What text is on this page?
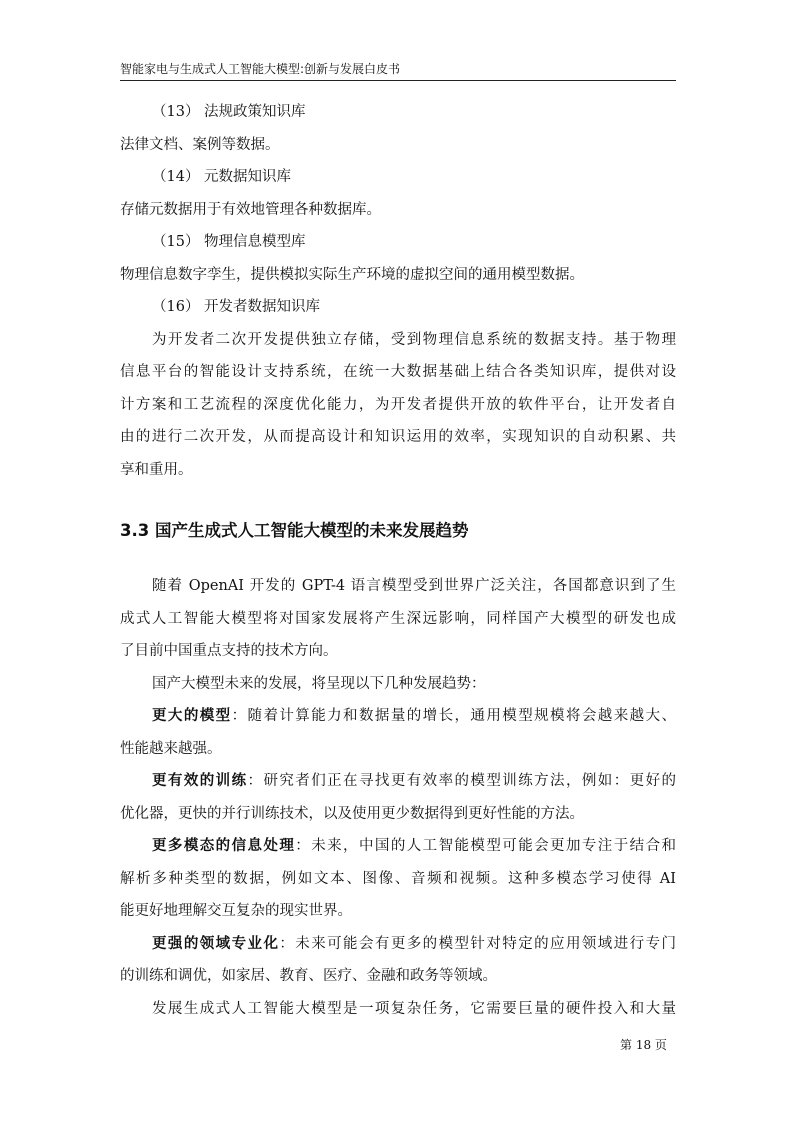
智能家电与生成式人工智能大模型:创新与发展白皮书
（13） 法规政策知识库
法律文档、案例等数据。
（14） 元数据知识库
存储元数据用于有效地管理各种数据库。
（15） 物理信息模型库
物理信息数字孪生，提供模拟实际生产环境的虚拟空间的通用模型数据。
（16） 开发者数据知识库
为开发者二次开发提供独立存储，受到物理信息系统的数据支持。基于物理
信息平台的智能设计支持系统，在统一大数据基础上结合各类知识库，提供对设
计方案和工艺流程的深度优化能力，为开发者提供开放的软件平台，让开发者自
由的进行二次开发，从而提高设计和知识运用的效率，实现知识的自动积累、共
享和重用。
3.3 国产生成式人工智能大模型的未来发展趋势
随着 OpenAI 开发的 GPT-4 语言模型受到世界广泛关注，各国都意识到了生
成式人工智能大模型将对国家发展将产生深远影响，同样国产大模型的研发也成
了目前中国重点支持的技术方向。
国产大模型未来的发展，将呈现以下几种发展趋势：
更大的模型：随着计算能力和数据量的增长，通用模型规模将会越来越大、
性能越来越强。
更有效的训练：研究者们正在寻找更有效率的模型训练方法，例如：更好的
优化器，更快的并行训练技术，以及使用更少数据得到更好性能的方法。
更多模态的信息处理：未来，中国的人工智能模型可能会更加专注于结合和
解析多种类型的数据，例如文本、图像、音频和视频。这种多模态学习使得 AI
能更好地理解交互复杂的现实世界。
更强的领域专业化：未来可能会有更多的模型针对特定的应用领域进行专门
的训练和调优，如家居、教育、医疗、金融和政务等领域。
发展生成式人工智能大模型是一项复杂任务，它需要巨量的硬件投入和大量
第 18 页
